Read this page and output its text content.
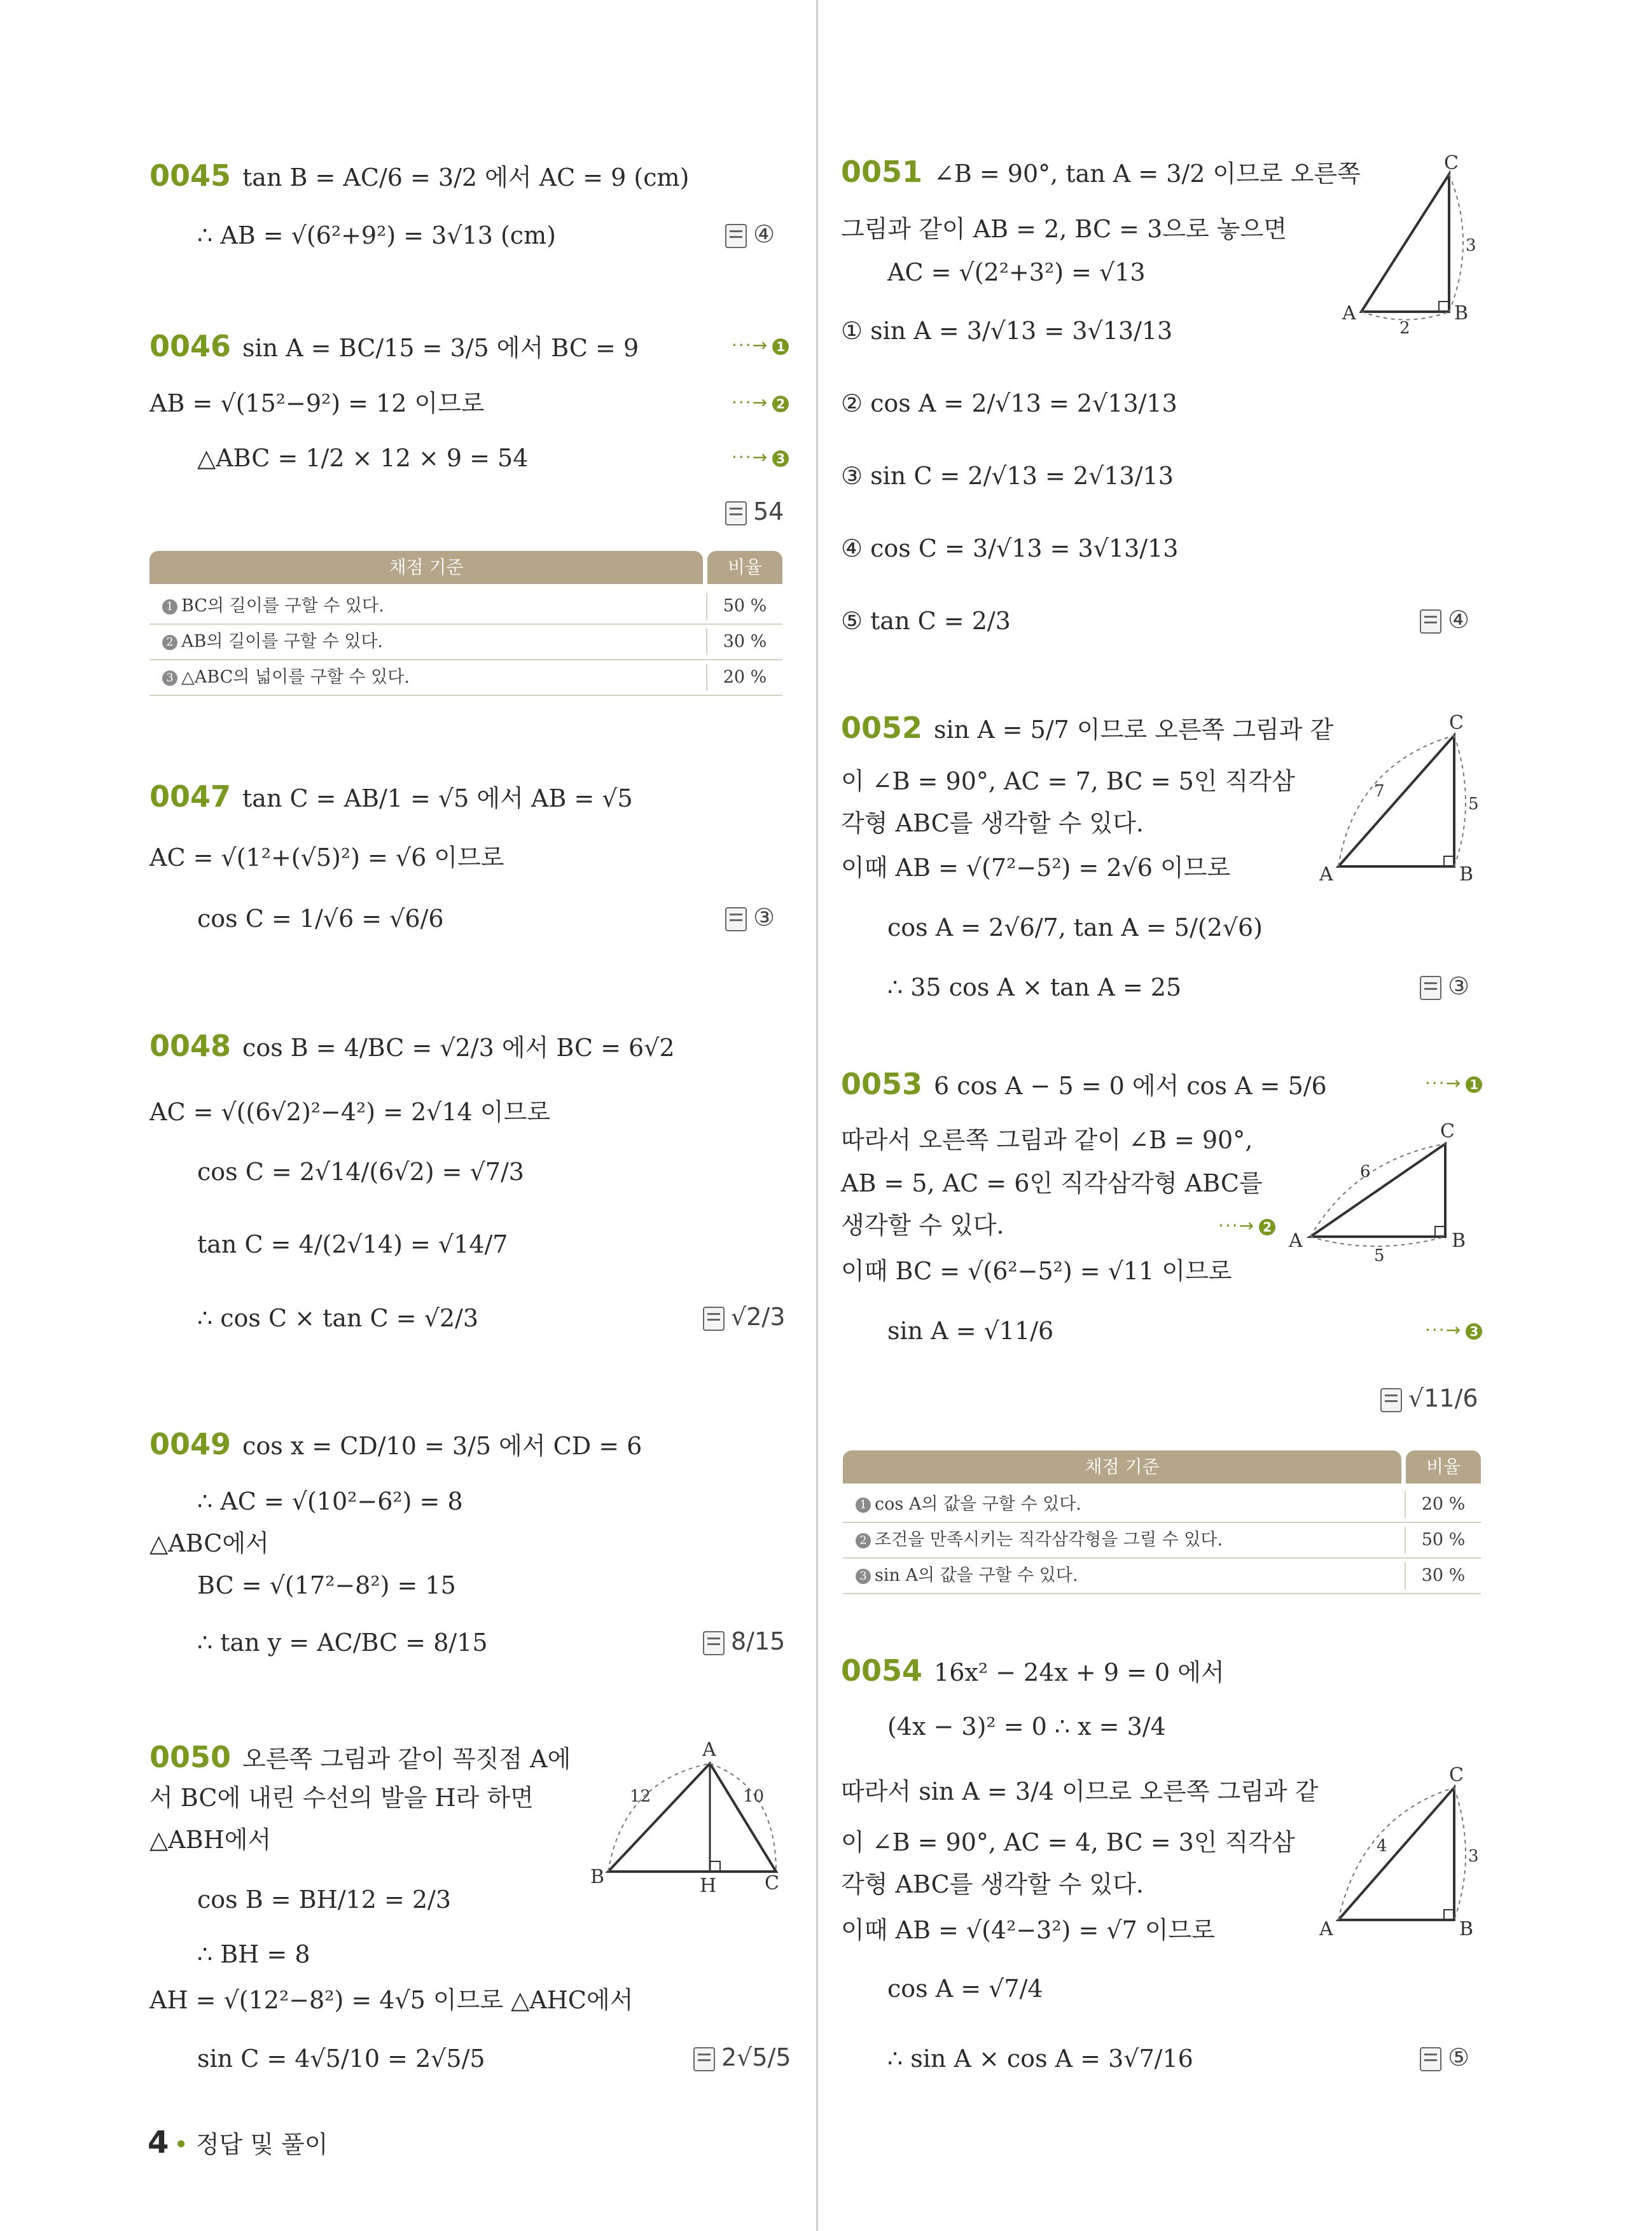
0045 tan B = AC/6 = 3/2 에서 AC = 9 (cm)
∴ AB = √(6²+9²) = 3√13 (cm)	④
0046 sin A = BC/15 = 3/5 에서 BC = 9
AB = √(15²−9²) = 12 이므로
△ABC = 1/2 × 12 × 9 = 54
···→ 1
···→ 2
···→ 3
54
채점 기준	비율
1 BC의 길이를 구할 수 있다.	50 %
2 AB의 길이를 구할 수 있다.	30 %
3 △ABC의 넓이를 구할 수 있다.	20 %
0047 tan C = AB/1 = √5 에서 AB = √5
AC = √(1²+(√5)²) = √6 이므로
cos C = 1/√6 = √6/6	③
0048 cos B = 4/BC = √2/3 에서 BC = 6√2
AC = √((6√2)²−4²) = 2√14 이므로
cos C = 2√14/(6√2) = √7/3
tan C = 4/(2√14) = √14/7
∴ cos C × tan C = √2/3	√2/3
0049 cos x = CD/10 = 3/5 에서 CD = 6
∴ AC = √(10²−6²) = 8
△ABC에서
BC = √(17²−8²) = 15
∴ tan y = AC/BC = 8/15	8/15
0050 오른쪽 그림과 같이 꼭짓점 A에
서 BC에 내린 수선의 발을 H라 하면
△ABH에서
cos B = BH/12 = 2/3
∴ BH = 8
AH = √(12²−8²) = 4√5 이므로 △AHC에서
sin C = 4√5/10 = 2√5/5	2√5/5
A
B	H	C
12	10
0051 ∠B = 90°, tan A = 3/2 이므로 오른쪽
그림과 같이 AB = 2, BC = 3으로 놓으면
AC = √(2²+3²) = √13
① sin A = 3/√13 = 3√13/13
② cos A = 2/√13 = 2√13/13
③ sin C = 2/√13 = 2√13/13
④ cos C = 3/√13 = 3√13/13
⑤ tan C = 2/3	④
C
A	B
2
3
0052 sin A = 5/7 이므로 오른쪽 그림과 같
이 ∠B = 90°, AC = 7, BC = 5인 직각삼
각형 ABC를 생각할 수 있다.
이때 AB = √(7²−5²) = 2√6 이므로
cos A = 2√6/7, tan A = 5/(2√6)
∴ 35 cos A × tan A = 25	③
C
A	B
7
5
0053 6 cos A − 5 = 0 에서 cos A = 5/6
따라서 오른쪽 그림과 같이 ∠B = 90°,
AB = 5, AC = 6인 직각삼각형 ABC를
생각할 수 있다.
이때 BC = √(6²−5²) = √11 이므로
sin A = √11/6
···→ 1
···→ 2
···→ 3
√11/6
C
A	B
6
5
채점 기준	비율
1 cos A의 값을 구할 수 있다.	20 %
2 조건을 만족시키는 직각삼각형을 그릴 수 있다.	50 %
3 sin A의 값을 구할 수 있다.	30 %
0054 16x² − 24x + 9 = 0 에서
(4x − 3)² = 0 ∴ x = 3/4
따라서 sin A = 3/4 이므로 오른쪽 그림과 같
이 ∠B = 90°, AC = 4, BC = 3인 직각삼
각형 ABC를 생각할 수 있다.
이때 AB = √(4²−3²) = √7 이므로
cos A = √7/4
∴ sin A × cos A = 3√7/16	⑤
C
A	B
4
3
4 • 정답 및 풀이
